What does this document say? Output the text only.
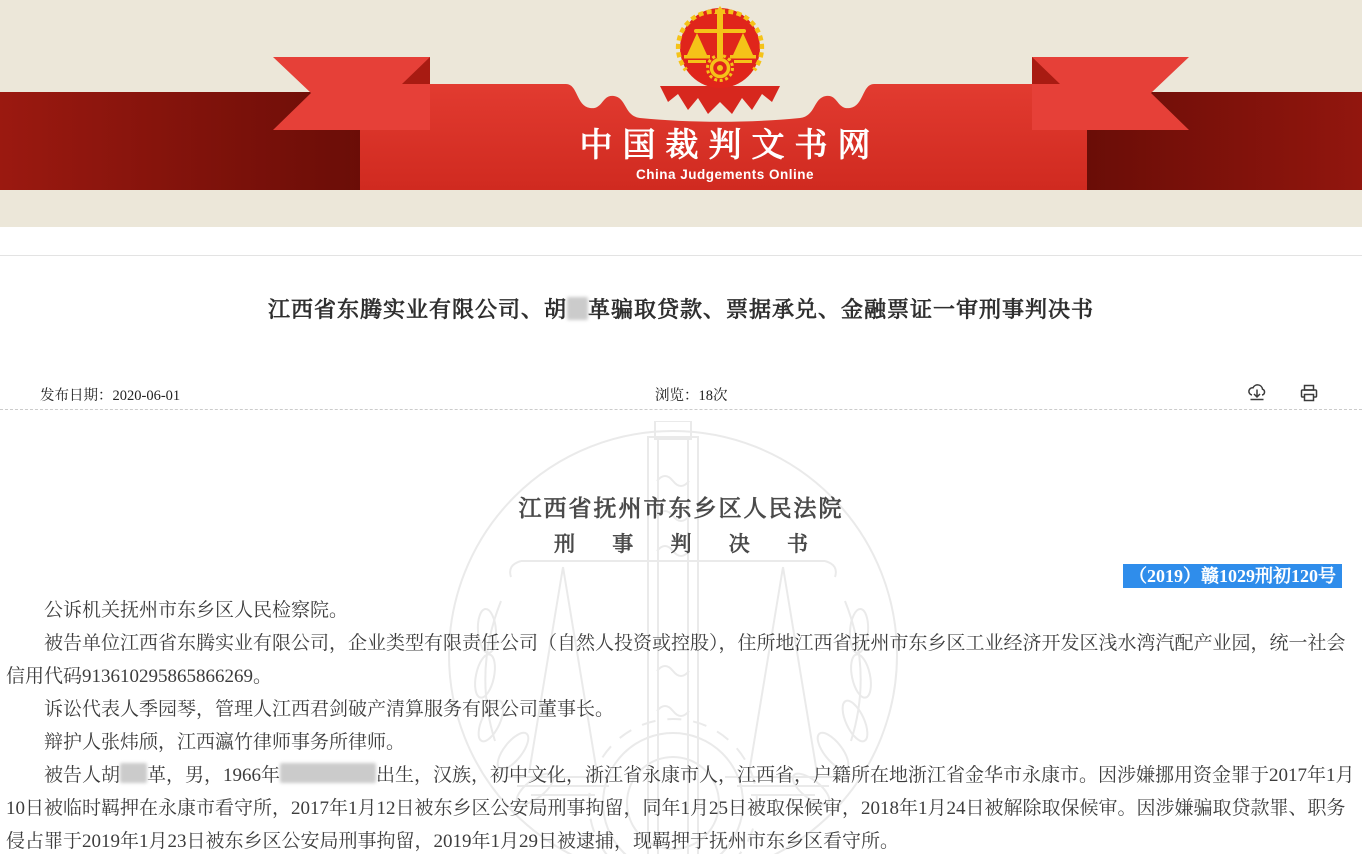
中国裁判文书网
China Judgements Online
江西省东腾实业有限公司、胡 革骗取贷款、票据承兑、金融票证一审刑事判决书
发布日期：2020-06-01	浏览：18次
江西省抚州市东乡区人民法院
刑 事 判 决 书
（2019）赣1029刑初120号

公诉机关抚州市东乡区人民检察院。

被告单位江西省东腾实业有限公司，企业类型有限责任公司（自然人投资或控股），住所地江西省抚州市东乡区工业经济开发区浅水湾汽配产业园，统一社会信用代码913610295865866269。

诉讼代表人季园琴，管理人江西君剑破产清算服务有限公司董事长。

辩护人张炜颀，江西瀛竹律师事务所律师。

被告人胡 革，男，1966年	出生，汉族，初中文化，浙江省永康市人，江西省，户籍所在地浙江省金华市永康市。因涉嫌挪用资金罪于2017年1月10日被临时羁押在永康市看守所，2017年1月12日被东乡区公安局刑事拘留，同年1月25日被取保候审，2018年1月24日被解除取保候审。因涉嫌骗取贷款罪、职务侵占罪于2019年1月23日被东乡区公安局刑事拘留，2019年1月29日被逮捕，现羁押于抚州市东乡区看守所。
